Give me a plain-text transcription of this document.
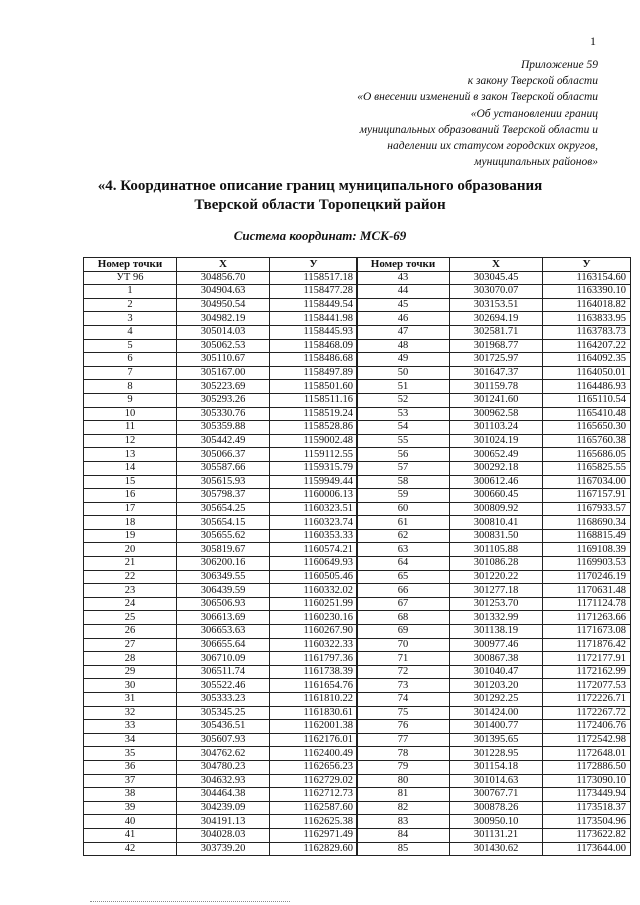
1
Приложение 59
к закону Тверской области
«О внесении изменений в закон Тверской области
«Об установлении границ
муниципальных образований Тверской области и
наделении их статусом городских округов,
муниципальных районов»
«4. Координатное описание границ муниципального образования
Тверской области Торопецкий район
Система координат: МСК-69
Номер точки	X	У
УТ 96	304856.70	1158517.18
1	304904.63	1158477.28
2	304950.54	1158449.54
3	304982.19	1158441.98
4	305014.03	1158445.93
5	305062.53	1158468.09
6	305110.67	1158486.68
7	305167.00	1158497.89
8	305223.69	1158501.60
9	305293.26	1158511.16
10	305330.76	1158519.24
11	305359.88	1158528.86
12	305442.49	1159002.48
13	305066.37	1159112.55
14	305587.66	1159315.79
15	305615.93	1159949.44
16	305798.37	1160006.13
17	305654.25	1160323.51
18	305654.15	1160323.74
19	305655.62	1160353.33
20	305819.67	1160574.21
21	306200.16	1160649.93
22	306349.55	1160505.46
23	306439.59	1160332.02
24	306506.93	1160251.99
25	306613.69	1160230.16
26	306653.63	1160267.90
27	306655.64	1160322.33
28	306710.09	1161797.36
29	306511.74	1161738.39
30	305522.46	1161654.76
31	305333.23	1161810.22
32	305345.25	1161830.61
33	305436.51	1162001.38
34	305607.93	1162176.01
35	304762.62	1162400.49
36	304780.23	1162656.23
37	304632.93	1162729.02
38	304464.38	1162712.73
39	304239.09	1162587.60
40	304191.13	1162625.38
41	304028.03	1162971.49
42	303739.20	1162829.60
Номер точки	X	У
43	303045.45	1163154.60
44	303070.07	1163390.10
45	303153.51	1164018.82
46	302694.19	1163833.95
47	302581.71	1163783.73
48	301968.77	1164207.22
49	301725.97	1164092.35
50	301647.37	1164050.01
51	301159.78	1164486.93
52	301241.60	1165110.54
53	300962.58	1165410.48
54	301103.24	1165650.30
55	301024.19	1165760.38
56	300652.49	1165686.05
57	300292.18	1165825.55
58	300612.46	1167034.00
59	300660.45	1167157.91
60	300809.92	1167933.57
61	300810.41	1168690.34
62	300831.50	1168815.49
63	301105.88	1169108.39
64	301086.28	1169903.53
65	301220.22	1170246.19
66	301277.18	1170631.48
67	301253.70	1171124.78
68	301332.99	1171263.66
69	301138.19	1171673.08
70	300977.46	1171876.42
71	300867.38	1172177.91
72	301040.47	1172162.99
73	301203.20	1172077.53
74	301292.25	1172226.71
75	301424.00	1172267.72
76	301400.77	1172406.76
77	301395.65	1172542.98
78	301228.95	1172648.01
79	301154.18	1172886.50
80	301014.63	1173090.10
81	300767.71	1173449.94
82	300878.26	1173518.37
83	300950.10	1173504.96
84	301131.21	1173622.82
85	301430.62	1173644.00
